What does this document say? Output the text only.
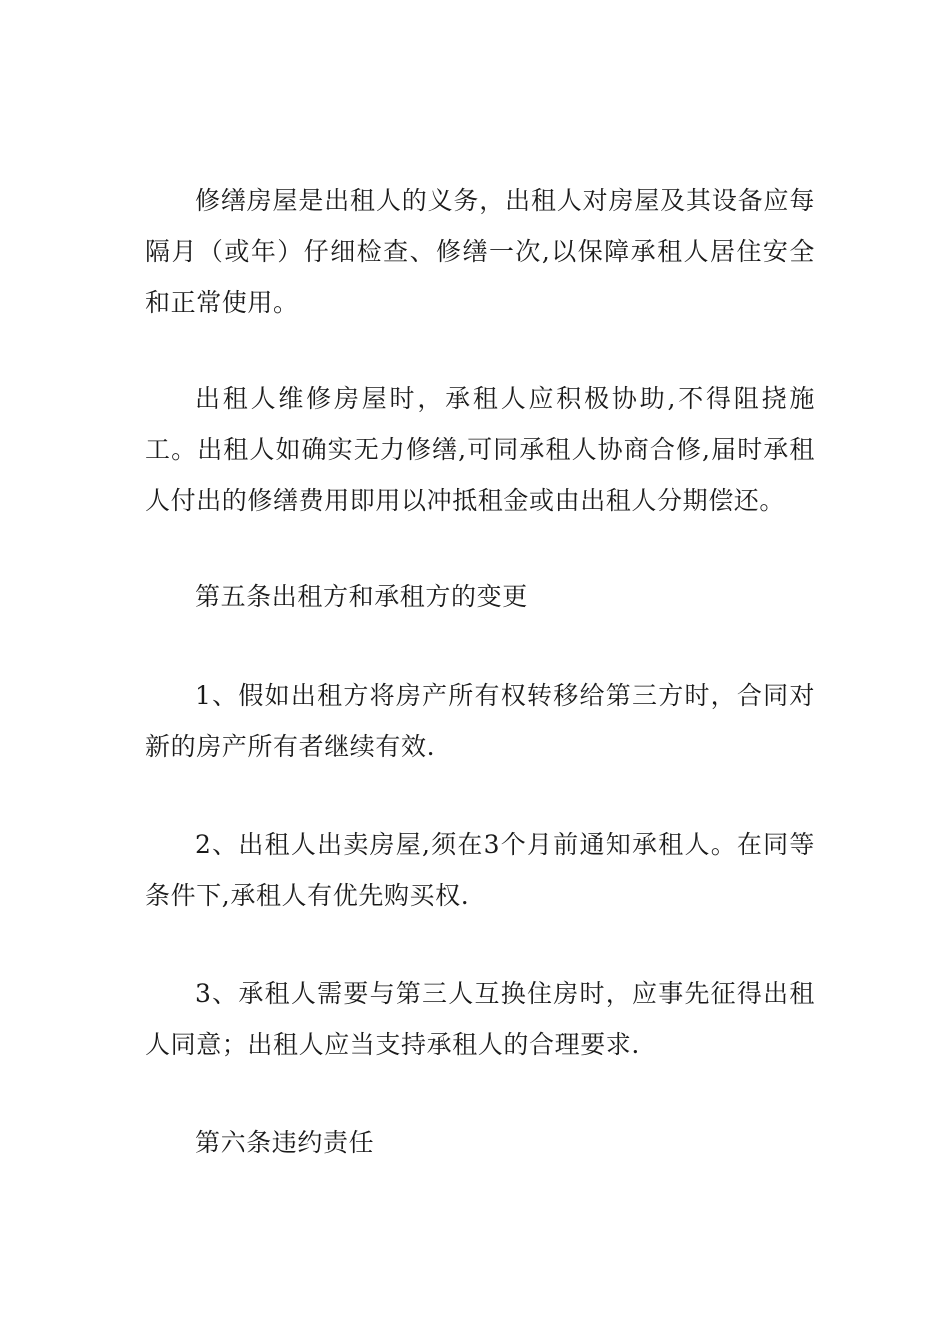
修缮房屋是出租人的义务，出租人对房屋及其设备应每隔月（或年）仔细检查、修缮一次,以保障承租人居住安全和正常使用。

出租人维修房屋时，承租人应积极协助,不得阻挠施工。出租人如确实无力修缮,可同承租人协商合修,届时承租人付出的修缮费用即用以冲抵租金或由出租人分期偿还。

第五条出租方和承租方的变更

1、假如出租方将房产所有权转移给第三方时，合同对新的房产所有者继续有效.

2、出租人出卖房屋,须在3个月前通知承租人。在同等条件下,承租人有优先购买权.

3、承租人需要与第三人互换住房时，应事先征得出租人同意；出租人应当支持承租人的合理要求.

第六条违约责任
